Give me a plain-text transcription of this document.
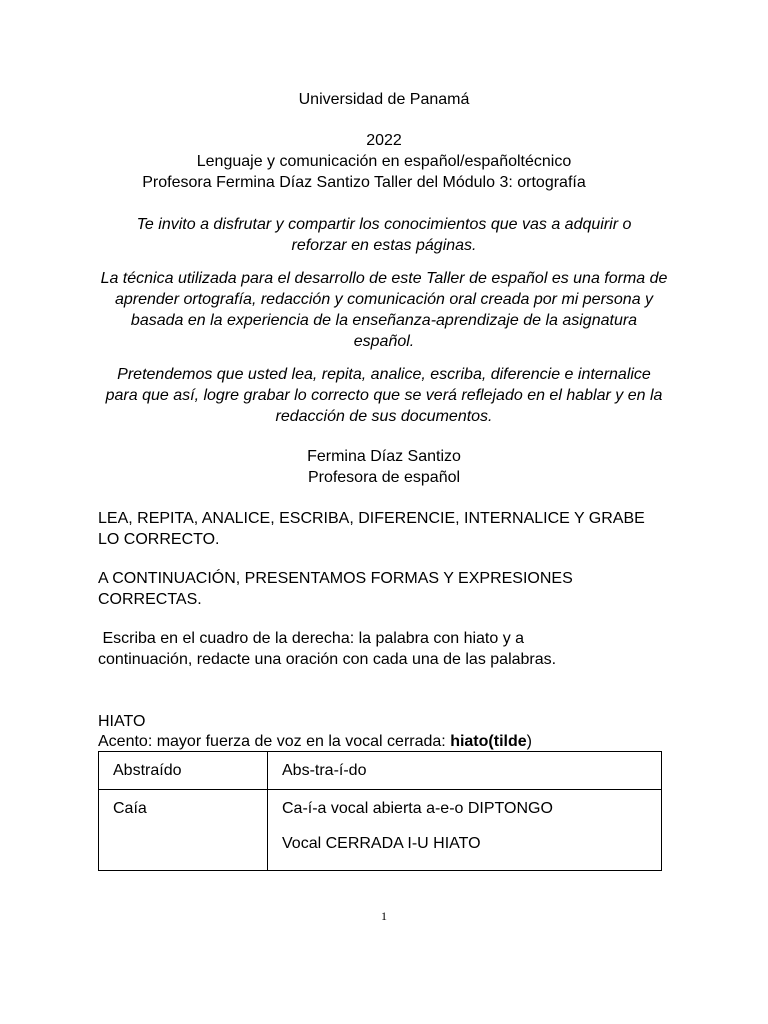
Universidad de Panamá
2022
Lenguaje y comunicación en español/españoltécnico
Profesora Fermina Díaz Santizo Taller del Módulo 3: ortografía
Te invito a disfrutar y compartir los conocimientos que vas a adquirir o reforzar en estas páginas.
La técnica utilizada para el desarrollo de este Taller de español es una forma de aprender ortografía, redacción y comunicación oral creada por mi persona y basada en la experiencia de la enseñanza-aprendizaje de la asignatura español.
Pretendemos que usted lea, repita, analice, escriba, diferencie e internalice para que así, logre grabar lo correcto que se verá reflejado en el hablar y en la redacción de sus documentos.
Fermina Díaz Santizo
Profesora de español
LEA, REPITA, ANALICE, ESCRIBA, DIFERENCIE, INTERNALICE Y GRABE LO CORRECTO.
A CONTINUACIÓN, PRESENTAMOS FORMAS Y EXPRESIONES CORRECTAS.
Escriba en el cuadro de la derecha: la palabra con hiato y a continuación, redacte una oración con cada una de las palabras.
HIATO
Acento: mayor fuerza de voz en la vocal cerrada: hiato(tilde)
Abstraído	Abs-tra-í-do

Caía	Ca-í-a vocal abierta a-e-o DIPTONGO
Vocal CERRADA I-U HIATO
1
